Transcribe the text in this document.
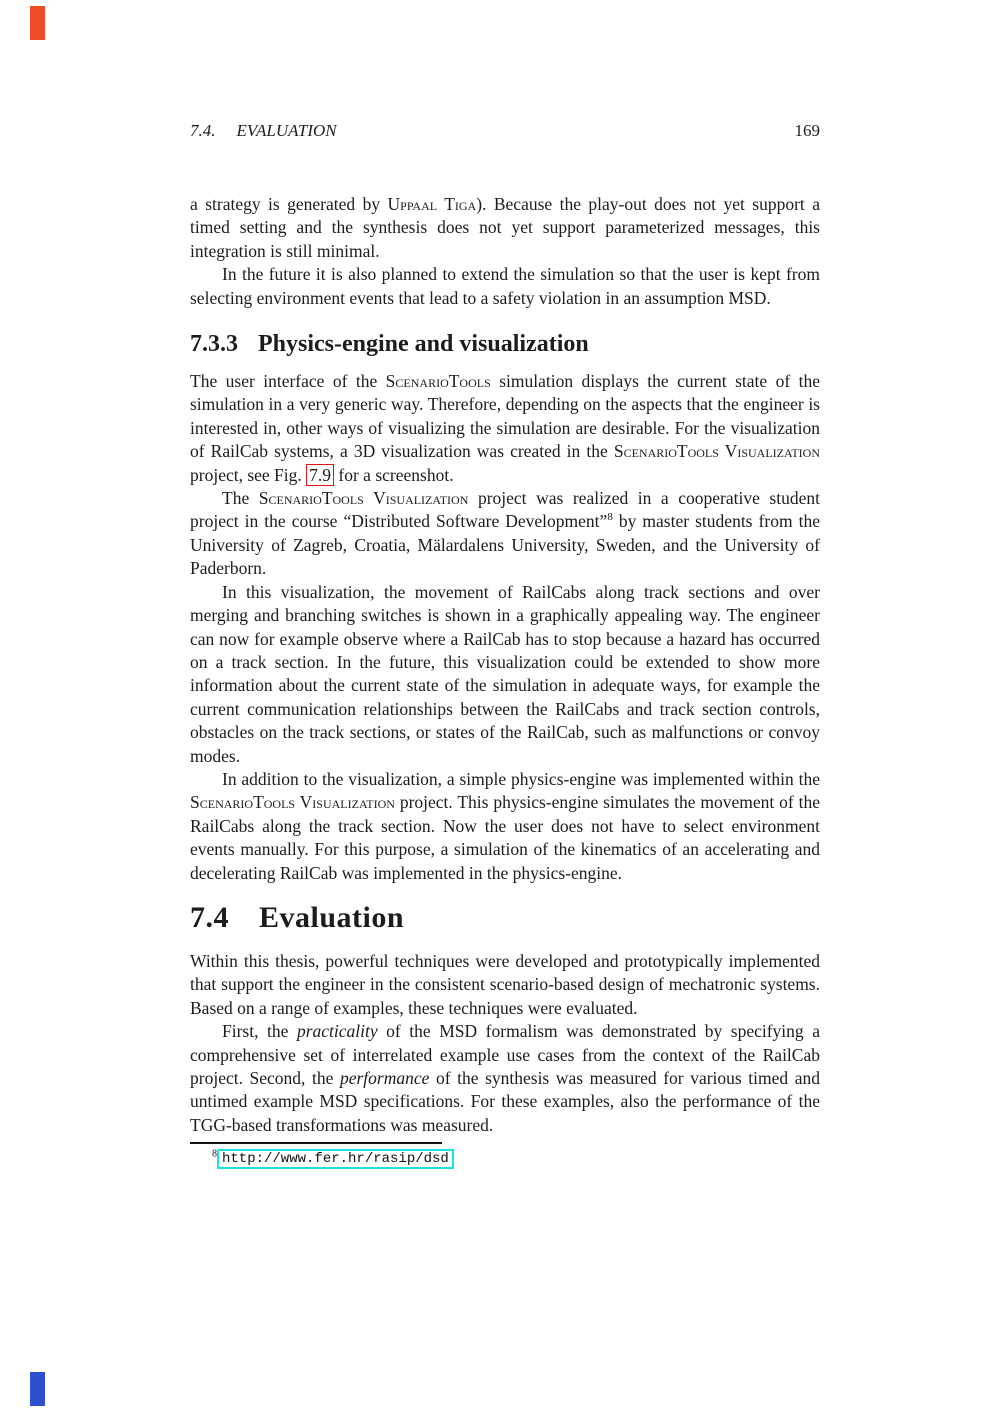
7.4. EVALUATION	169

a strategy is generated by Uppaal Tiga). Because the play-out does not yet support a timed setting and the synthesis does not yet support parameterized messages, this integration is still minimal.

In the future it is also planned to extend the simulation so that the user is kept from selecting environment events that lead to a safety violation in an assumption MSD.

7.3.3 Physics-engine and visualization

The user interface of the ScenarioTools simulation displays the current state of the simulation in a very generic way. Therefore, depending on the aspects that the engineer is interested in, other ways of visualizing the simulation are desirable. For the visualization of RailCab systems, a 3D visualization was created in the ScenarioTools Visualization project, see Fig. 7.9 for a screenshot.

The ScenarioTools Visualization project was realized in a cooperative student project in the course “Distributed Software Development”$^8$ by master students from the University of Zagreb, Croatia, Mälardalens University, Sweden, and the University of Paderborn.

In this visualization, the movement of RailCabs along track sections and over merging and branching switches is shown in a graphically appealing way. The engineer can now for example observe where a RailCab has to stop because a hazard has occurred on a track section. In the future, this visualization could be extended to show more information about the current state of the simulation in adequate ways, for example the current communication relationships between the RailCabs and track section controls, obstacles on the track sections, or states of the RailCab, such as malfunctions or convoy modes.

In addition to the visualization, a simple physics-engine was implemented within the ScenarioTools Visualization project. This physics-engine simulates the movement of the RailCabs along the track section. Now the user does not have to select environment events manually. For this purpose, a simulation of the kinematics of an accelerating and decelerating RailCab was implemented in the physics-engine.

7.4 Evaluation

Within this thesis, powerful techniques were developed and prototypically implemented that support the engineer in the consistent scenario-based design of mechatronic systems. Based on a range of examples, these techniques were evaluated.

First, the practicality of the MSD formalism was demonstrated by specifying a comprehensive set of interrelated example use cases from the context of the RailCab project. Second, the performance of the synthesis was measured for various timed and untimed example MSD specifications. For these examples, also the performance of the TGG-based transformations was measured.

$^8$ http://www.fer.hr/rasip/dsd
